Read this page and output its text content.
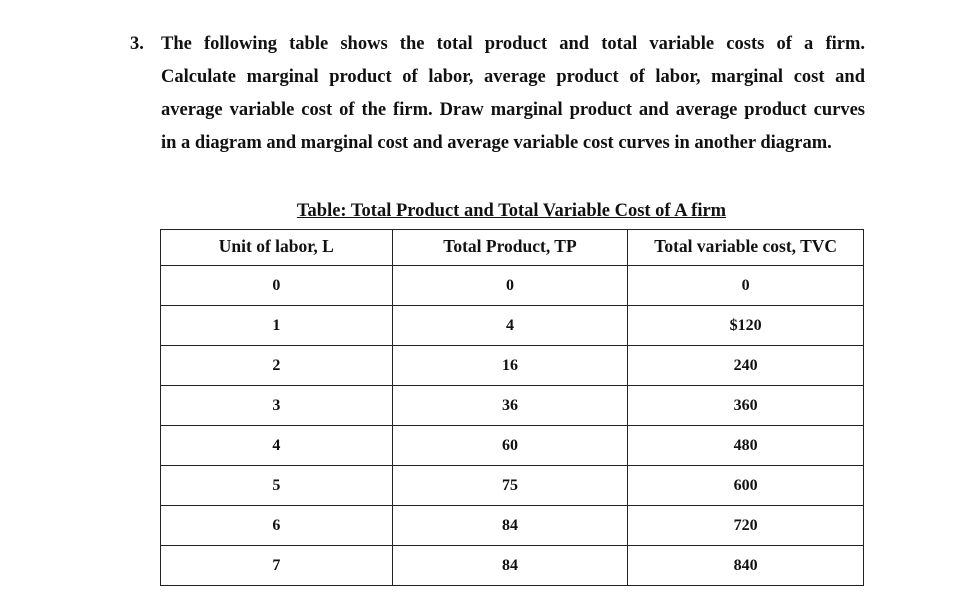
3. The following table shows the total product and total variable costs of a firm.
Calculate marginal product of labor, average product of labor, marginal cost and
average variable cost of the firm. Draw marginal product and average product curves
in a diagram and marginal cost and average variable cost curves in another diagram.
Table: Total Product and Total Variable Cost of A firm
Unit of labor, L	Total Product, TP	Total variable cost, TVC
0	0	0
1	4	$120
2	16	240
3	36	360
4	60	480
5	75	600
6	84	720
7	84	840
